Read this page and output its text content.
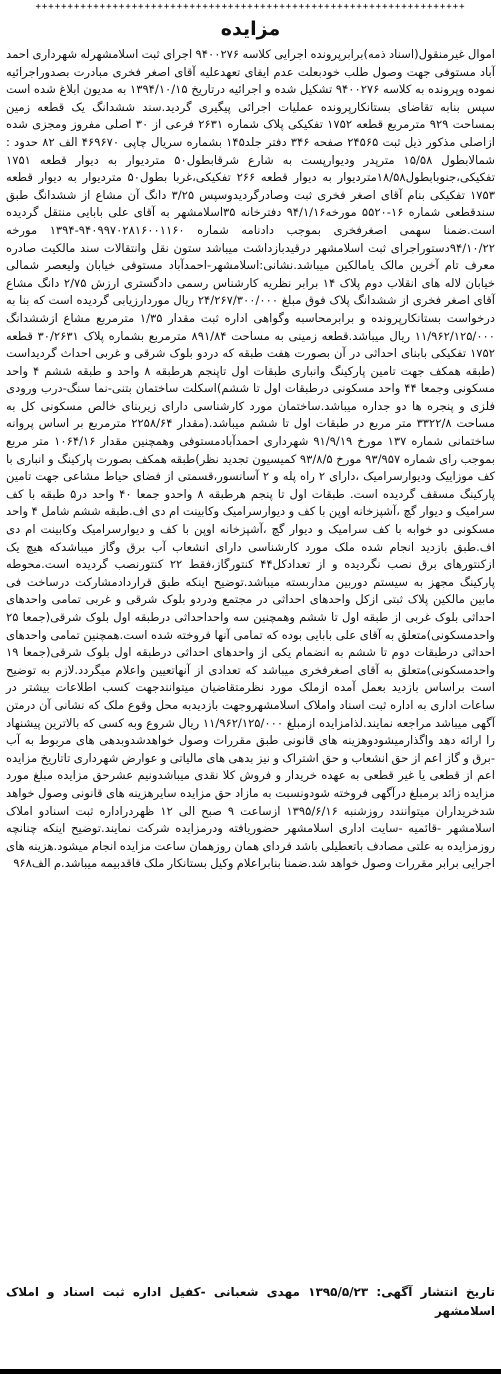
+++++++++++++++++++++++++++++++++++++++++++++++++++++++++++++++++++
مزایده
اموال غیرمنقول(اسناد ذمه)برابرپرونده اجرایی کلاسه ۹۴۰۰۲۷۶ اجرای ثبت اسلامشهرله شهرداری احمد آباد مستوفی جهت وصول طلب خودبعلت عدم ایفای تعهدعلیه آقای اصغر فخری مبادرت بصدوراجرائیه نموده وپرونده به کلاسه ۹۴۰۰۲۷۶ تشکیل شده و اجرائیه درتاریخ ۱۳۹۴/۱۰/۱۵ به مدیون ابلاغ شده است سپس بنابه تقاضای بستانکارپرونده عملیات اجرائی پیگیری گردید.سند ششدانگ یک قطعه زمین بمساحت ۹۲۹ مترمربع قطعه ۱۷۵۲ تفکیکی پلاک شماره ۲۶۳۱ فرعی از ۳۰ اصلی مفروز ومجزی شده ازاصلی مذکور ذیل ثبت ۲۴۵۶۵ صفحه ۳۴۶ دفتر جلد۱۴۵ بشماره سریال چاپی ۴۶۹۶۷۰ الف ۸۲ حدود : شمالابطول ۱۵/۵۸ مترپدر ودیوارپست به شارع شرقابطول۵۰ متردیوار به دیوار قطعه ۱۷۵۱ تفکیکی،جنوبابطول۱۸/۵۸مترديوار به دیوار قطعه ۲۶۶ تفکیکی،غربا بطول۵۰ متردیوار به دیوار قطعه ۱۷۵۳ تفکیکی بنام آقای اصغر فخری ثبت وصادرگردیدوسپس ۳/۲۵ دانگ آن مشاع از ششدانگ طبق سندقطعی شماره ۱۶-۵۵۲۰ مورخه۹۴/۱/۱۶ دفترخانه ۳۵اسلامشهر به آقای علی بابایی منتقل گردیده است.ضمنا سهمی اصغرفخری بموجب دادنامه شماره ۹۴۰۹۹۷۰۲۸۱۶۰۰۱۱۶۰-۱۳۹۴ مورخه ۹۴/۱۰/۲۲دستوراجرای ثبت اسلامشهر درقیدبازداشت میباشد ستون نقل وانتقالات سند مالکیت صادره معرف تام آخرین مالک یامالکین میباشد.نشانی:اسلامشهر-احمدآباد مستوفی خیابان ولیعصر شمالی خیابان لاله های انقلاب دوم پلاک ۱۴ برابر نظریه کارشناس رسمی دادگستری ارزش ۲/۷۵ دانگ مشاع آقای اصغر فخری از ششدانگ پلاک فوق مبلغ ۲۴/۲۶۷/۳۰۰/۰۰۰ ریال موردارزیابی گردیده است که بنا به درخواست بستانکارپرونده و برابرمحاسبه وگواهی اداره ثبت مقدار ۱/۳۵ مترمربع مشاع ازششدانگ ۱۱/۹۶۲/۱۲۵/۰۰۰ ریال میباشد.قطعه زمینی به مساحت ۸۹۱/۸۴ مترمربع بشماره پلاک ۳۰/۲۶۳۱ قطعه ۱۷۵۲ تفکیکی بابنای احداثی در آن بصورت هفت طبقه که دردو بلوک شرقی و غربی احداث گردیداست (طبقه همکف جهت تامین پارکینگ وانباری طبقات اول تاپنجم هرطبقه ۸ واحد و طبقه ششم ۴ واحد مسکونی وجمعا ۴۴ واحد مسکونی درطبقات اول تا ششم)اسکلت ساختمان بتنی-نما سنگ-درب ورودی فلزی و پنجره ها دو جداره میباشد.ساختمان مورد کارشناسی دارای زیربنای خالص مسکونی کل به مساحت ۳۳۲۲/۸ متر مربع در طبقات اول تا ششم میباشد.(مقدار ۲۲۵۸/۶۴ مترمربع بر اساس پروانه ساختمانی شماره ۱۳۷ مورخ ۹۱/۹/۱۹ شهرداری احمدآبادمستوفی وهمچنین مقدار ۱۰۶۴/۱۶ متر مربع بموجب رای شماره ۹۳/۹۵۷ مورخ ۹۳/۸/۵ کمیسیون تجدید نظر)طبقه همکف بصورت پارکینگ و انباری با کف موزاییک ودیوارسرامیک ،دارای ۲ راه پله و ۲ آسانسور،قسمتی از فضای حیاط مشاعی جهت تامین پارکینگ مسقف گردیده است. طبقات اول تا پنجم هرطبقه ۸ واحدو جمعا ۴۰ واحد در۵ طبقه با کف سرامیک و دیوار گچ ،آشپزخانه اوپن با کف و دیوارسرامیک وکابینت ام دی اف.طبقه ششم شامل ۴ واحد مسکونی دو خوابه با کف سرامیک و دیوار گچ ،آشپزخانه اوپن با کف و دیوارسرامیک وکابینت ام دی اف.طبق بازدید انجام شده ملک مورد کارشناسی دارای انشعاب آب برق وگاز میباشدکه هیچ یک ازکنتورهای برق نصب نگردیده و از تعدادکل۴۴ کنتورگاز،فقط ۲۲ کنتورنصب گردیده است.محوطه پارکینگ مجهز به سیستم دوربین مداربسته میباشد.توضیح اینکه طبق قراردادمشارکت درساخت فی مابین مالکین پلاک ثبتی ازکل واحدهای احداثی در مجتمع ودردو بلوک شرقی و غربی تمامی واحدهای احداثی بلوک غربی از طبقه اول تا ششم وهمچنین سه واحداحداثی درطبقه اول بلوک شرقی(جمعا ۲۵ واحدمسکونی)متعلق به آقای علی بابایی بوده که تمامی آنها فروخته شده است.همچنین تمامی واحدهای احداثی درطبقات دوم تا ششم به انضمام یکی از واحدهای احداثی درطبقه اول بلوک شرقی(جمعا ۱۹ واحدمسکونی)متعلق به آقای اصغرفخری میباشد که تعدادی از آنهاتعیین واعلام میگردد.لازم به توضیح است براساس بازدید بعمل آمده ازملک مورد نظرمتقاضیان میتوانندجهت کسب اطلاعات بیشتر در ساعات اداری به اداره ثبت اسناد واملاک اسلامشهروجهت بازدیدبه محل وقوع ملک که نشانی آن درمتن آگهی میباشد مراجعه نمایند.لذامزایده ازمبلغ ۱۱/۹۶۲/۱۲۵/۰۰۰ ریال شروع وبه کسی که بالاترین پیشنهاد را ارائه دهد واگذارمیشودوهزینه های قانونی طبق مقررات وصول خواهدشدوبدهی های مربوط به آب -برق و گاز اعم از حق انشعاب و حق اشتراک و نیز بدهی های مالیاتی و عوارض شهرداری تاتاریخ مزایده اعم از قطعی یا غیر قطعی به عهده خریدار و فروش کلا نقدی میباشدونیم عشرحق مزایده مبلغ مورد مزایده زائد برمبلغ درآگهی فروخته شودونسبت به مازاد حق مزایده سایرهزینه های قانونی وصول خواهد شدخریداران میتوانندد روزشنبه ۱۳۹۵/۶/۱۶ ازساعت ۹ صبح الی ۱۲ ظهردراداره ثبت اسنادو املاک اسلامشهر -قائمیه -سایت اداری اسلامشهر حضوریافته ودرمزایده شرکت نمایند.توضیح اینکه چنانچه روزمزایده به علتی مصادف باتعطیلی باشد فردای همان روزهمان ساعت مزایده انجام میشود.هزینه های اجرایی برابر مقررات وصول خواهد شد.ضمنا بنابراعلام وکیل بستانکار ملک فاقدبیمه میباشد.م الف۹۶۸
تاریخ انتشار آگهی: ۱۳۹۵/۵/۲۳ مهدی شعبانی -کفیل اداره ثبت اسناد و املاک اسلامشهر
